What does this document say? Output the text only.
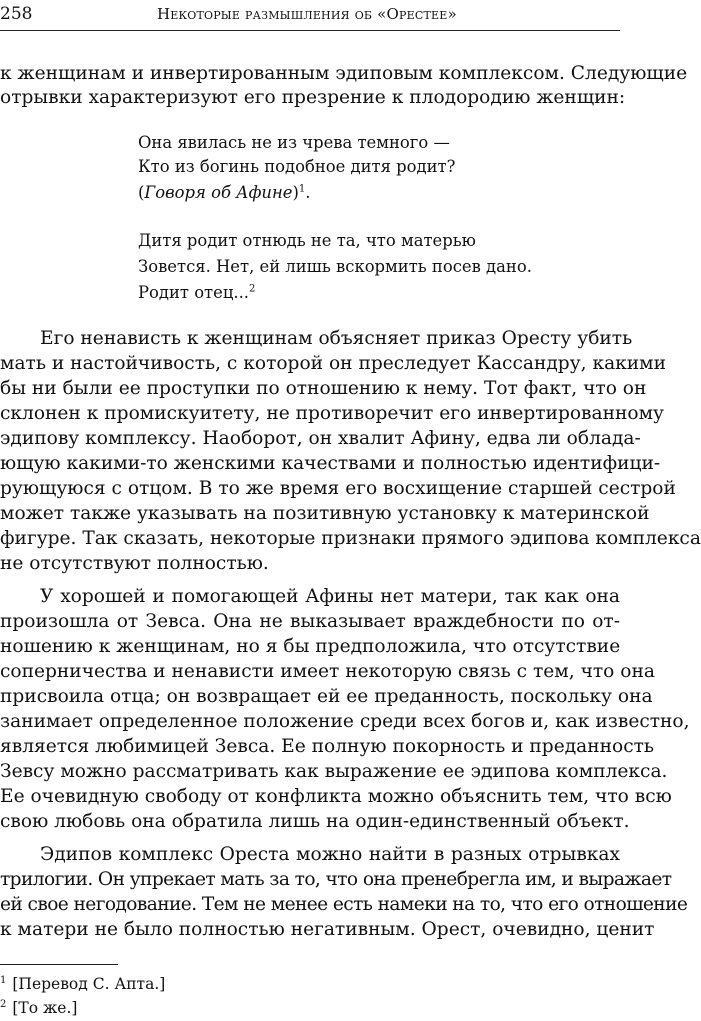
258	Некоторые размышления об «Орестее»
к женщинам и инвертированным эдиповым комплексом. Следующие
отрывки характеризуют его презрение к плодородию женщин:
Она явилась не из чрева темного —
Кто из богинь подобное дитя родит?
(Говоря об Афине)$^1$.
Дитя родит отнюдь не та, что матерью
Зовется. Нет, ей лишь вскормить посев дано.
Родит отец...$^2$
Его ненависть к женщинам объясняет приказ Оресту убить
мать и настойчивость, с которой он преследует Кассандру, какими
бы ни были ее проступки по отношению к нему. Тот факт, что он
склонен к промискуитету, не противоречит его инвертированному
эдипову комплексу. Наоборот, он хвалит Афину, едва ли облада-
ющую какими-то женскими качествами и полностью идентифици-
рующуюся с отцом. В то же время его восхищение старшей сестрой
может также указывать на позитивную установку к материнской
фигуре. Так сказать, некоторые признаки прямого эдипова комплекса
не отсутствуют полностью.
У хорошей и помогающей Афины нет матери, так как она
произошла от Зевса. Она не выказывает враждебности по от-
ношению к женщинам, но я бы предположила, что отсутствие
соперничества и ненависти имеет некоторую связь с тем, что она
присвоила отца; он возвращает ей ее преданность, поскольку она
занимает определенное положение среди всех богов и, как известно,
является любимицей Зевса. Ее полную покорность и преданность
Зевсу можно рассматривать как выражение ее эдипова комплекса.
Ее очевидную свободу от конфликта можно объяснить тем, что всю
свою любовь она обратила лишь на один-единственный объект.
Эдипов комплекс Ореста можно найти в разных отрывках
трилогии. Он упрекает мать за то, что она пренебрегла им, и выражает
ей свое негодование. Тем не менее есть намеки на то, что его отношение
к матери не было полностью негативным. Орест, очевидно, ценит
$^1$ [Перевод С. Апта.]
$^2$ [То же.]
